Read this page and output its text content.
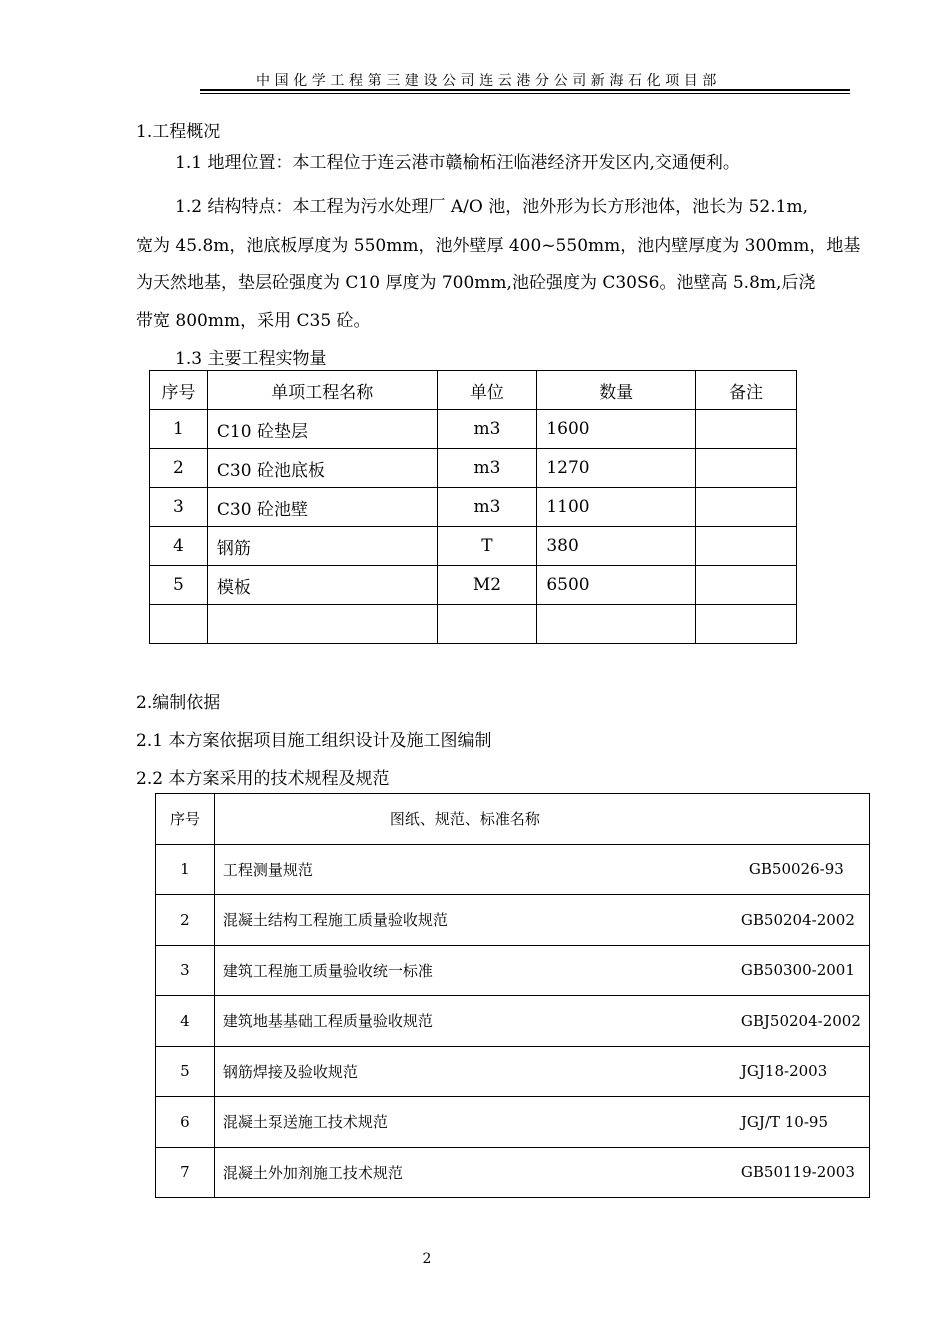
中国化学工程第三建设公司连云港分公司新海石化项目部
1.工程概况
1.1 地理位置：本工程位于连云港市赣榆柘汪临港经济开发区内,交通便利。
1.2 结构特点：本工程为污水处理厂 A/O 池，池外形为长方形池体，池长为 52.1m,
宽为 45.8m，池底板厚度为 550mm，池外壁厚 400~550mm，池内壁厚度为 300mm，地基
为天然地基，垫层砼强度为 C10 厚度为 700mm,池砼强度为 C30S6。池壁高 5.8m,后浇
带宽 800mm，采用 C35 砼。
1.3 主要工程实物量
序号	单项工程名称	单位	数量	备注
1	C10 砼垫层	m3	1600	
2	C30 砼池底板	m3	1270	
3	C30 砼池壁	m3	1100	
4	钢筋	T	380	
5	模板	M2	6500	

2.编制依据
2.1 本方案依据项目施工组织设计及施工图编制
2.2 本方案采用的技术规程及规范
序号	图纸、规范、标准名称
1	工程测量规范 GB50026-93

2	混凝土结构工程施工质量验收规范 GB50204-2002

3	建筑工程施工质量验收统一标准 GB50300-2001

4	建筑地基基础工程质量验收规范 GBJ50204-2002

5	钢筋焊接及验收规范 JGJ18-2003

6	混凝土泵送施工技术规范 JGJ/T 10-95

7	混凝土外加剂施工技术规范 GB50119-2003
2
